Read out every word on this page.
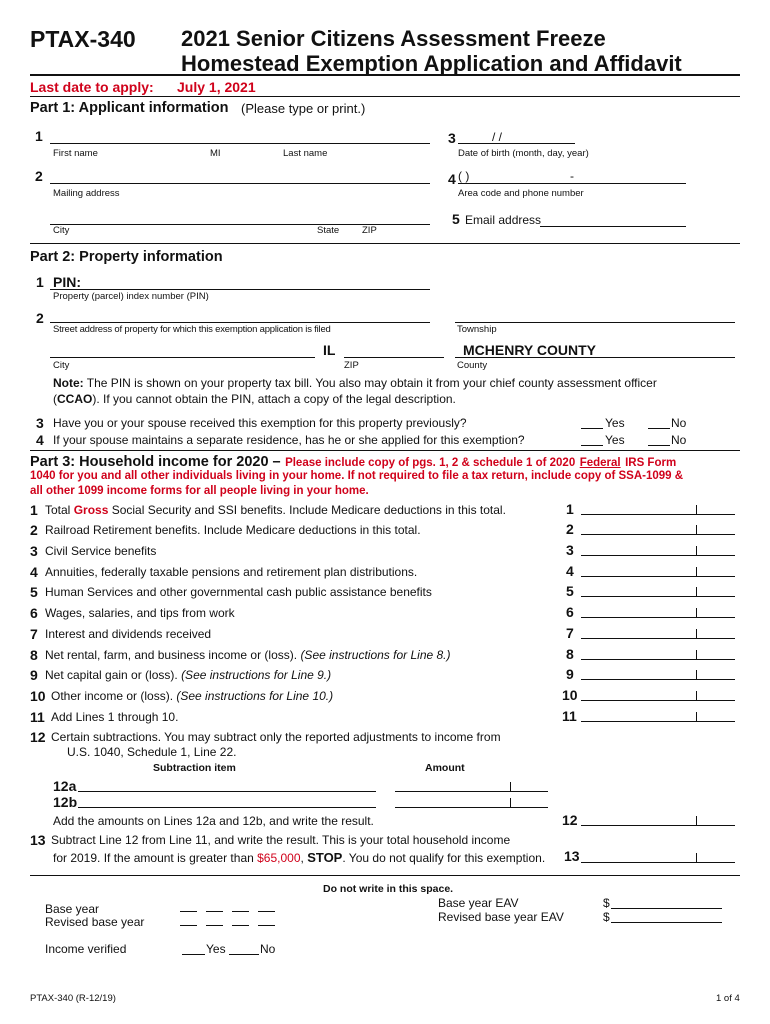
PTAX-340 2021 Senior Citizens Assessment Freeze
Homestead Exemption Application and Affidavit
Last date to apply: July 1, 2021
Part 1: Applicant information (Please type or print.)
1
First name	MI	Last name
3	/ /
Date of birth (month, day, year)
2
Mailing address
4 ( )	-
Area code and phone number
City	State ZIP
5 Email address
Part 2: Property information
1 PIN:
Property (parcel) index number (PIN)
2
Street address of property for which this exemption application is filed	Township
IL	MCHENRY COUNTY
City	ZIP	County
Note: The PIN is shown on your property tax bill. You also may obtain it from your chief county assessment officer
(CCAO). If you cannot obtain the PIN, attach a copy of the legal description.
3 Have you or your spouse received this exemption for this property previously?	Yes	No
4 If your spouse maintains a separate residence, has he or she applied for this exemption?	Yes	No
Part 3: Household income for 2020 – Please include copy of pgs. 1, 2 & schedule 1 of 2020 Federal IRS Form
1040 for you and all other individuals living in your home. If not required to file a tax return, include copy of SSA-1099 &
all other 1099 income forms for all people living in your home.
1 Total Gross Social Security and SSI benefits. Include Medicare deductions in this total.	1
2 Railroad Retirement benefits. Include Medicare deductions in this total.	2
3 Civil Service benefits	3
4 Annuities, federally taxable pensions and retirement plan distributions.	4
5 Human Services and other governmental cash public assistance benefits	5
6 Wages, salaries, and tips from work	6
7 Interest and dividends received	7
8 Net rental, farm, and business income or (loss). (See instructions for Line 8.)	8
9 Net capital gain or (loss). (See instructions for Line 9.)	9
10 Other income or (loss). (See instructions for Line 10.)	10
11 Add Lines 1 through 10.	11
12 Certain subtractions. You may subtract only the reported adjustments to income from
U.S. 1040, Schedule 1, Line 22.
Subtraction item	Amount
12a
12b
Add the amounts on Lines 12a and 12b, and write the result.	12
13 Subtract Line 12 from Line 11, and write the result. This is your total household income
for 2019. If the amount is greater than $65,000, STOP. You do not qualify for this exemption. 13
Do not write in this space.
Base year
Revised base year
Base year EAV
Revised base year EAV
$
$
Income verified	Yes	No
PTAX-340 (R-12/19)	1 of 4
